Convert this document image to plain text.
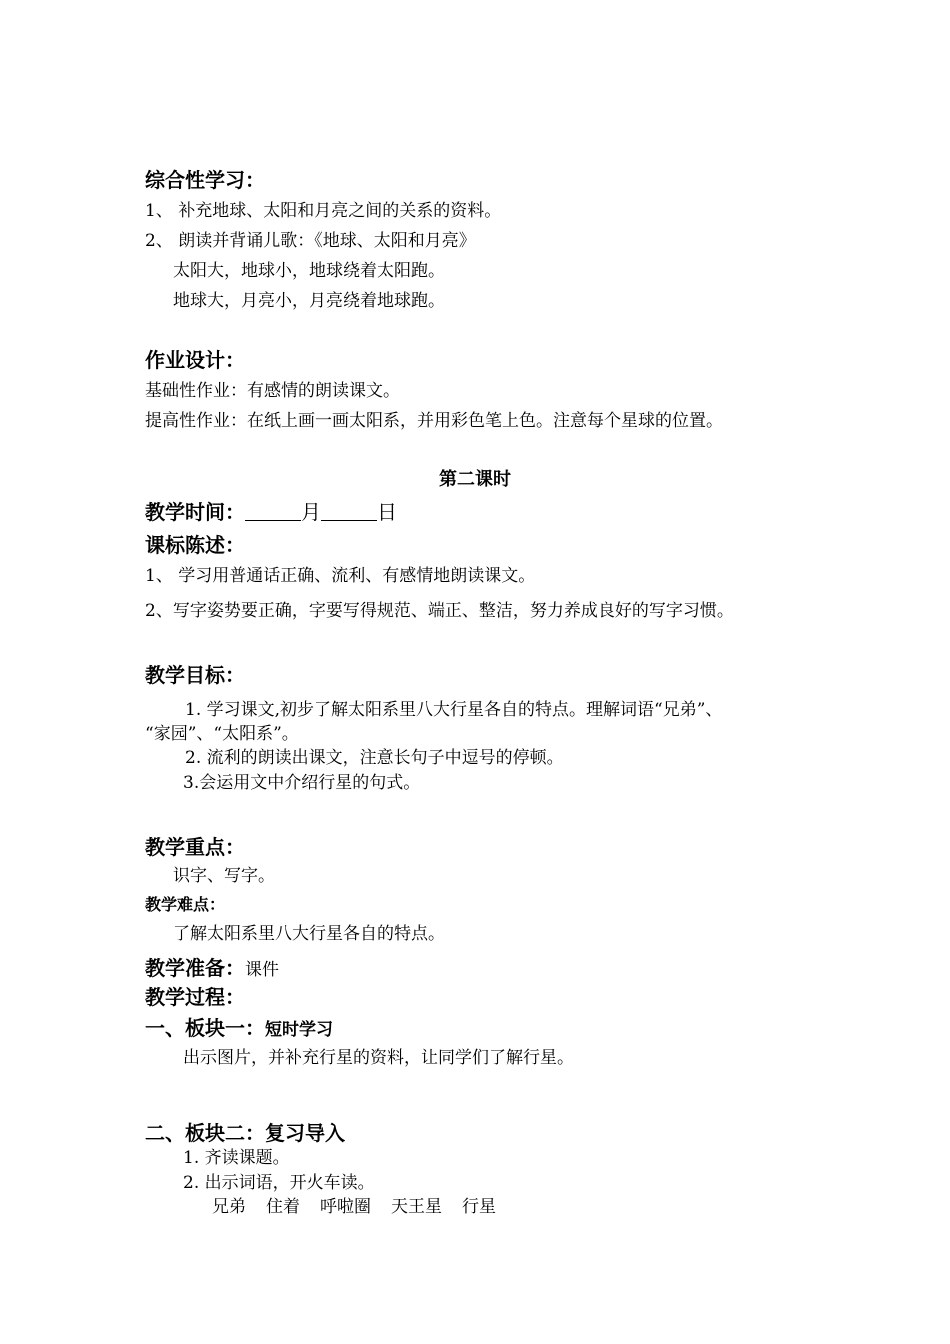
综合性学习：
1、 补充地球、太阳和月亮之间的关系的资料。
2、 朗读并背诵儿歌：《地球、太阳和月亮》
太阳大，地球小，地球绕着太阳跑。
地球大，月亮小，月亮绕着地球跑。
作业设计：
基础性作业：有感情的朗读课文。
提高性作业：在纸上画一画太阳系，并用彩色笔上色。注意每个星球的位置。
第二课时
教学时间：	月	日
课标陈述：
1、 学习用普通话正确、流利、有感情地朗读课文。
2、写字姿势要正确，字要写得规范、端正、整洁，努力养成良好的写字习惯。
教学目标：
1. 学习课文,初步了解太阳系里八大行星各自的特点。理解词语“兄弟”、
“家园”、“太阳系”。
2. 流利的朗读出课文，注意长句子中逗号的停顿。
3.会运用文中介绍行星的句式。
教学重点：
识字、写字。
教学难点：
了解太阳系里八大行星各自的特点。
教学准备：课件
教学过程：
一、板块一：短时学习
出示图片，并补充行星的资料，让同学们了解行星。
二、板块二：复习导入
1. 齐读课题。
2. 出示词语，开火车读。
兄弟 住着 呼啦圈 天王星 行星
